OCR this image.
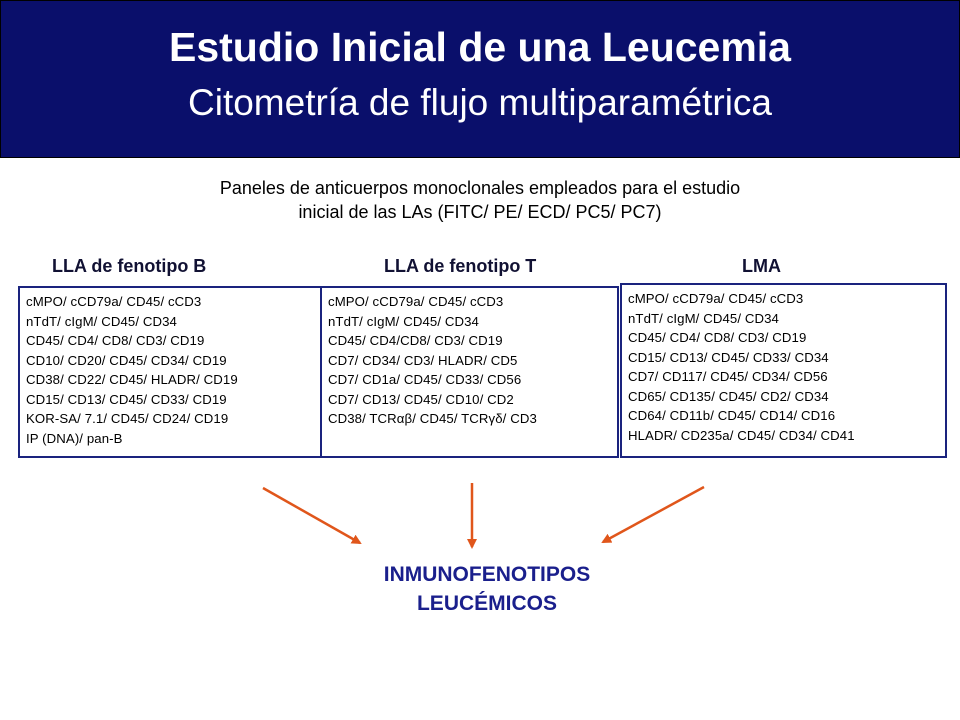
Estudio Inicial de una Leucemia
Citometría de flujo multiparamétrica
Paneles de anticuerpos monoclonales empleados para el estudio
inicial de las LAs (FITC/ PE/ ECD/ PC5/ PC7)
LLA de fenotipo B
cMPO/ cCD79a/ CD45/ cCD3
nTdT/ cIgM/ CD45/ CD34
CD45/ CD4/ CD8/ CD3/ CD19
CD10/ CD20/ CD45/ CD34/ CD19
CD38/ CD22/ CD45/ HLADR/ CD19
CD15/ CD13/ CD45/ CD33/ CD19
KOR-SA/ 7.1/ CD45/ CD24/ CD19
IP (DNA)/ pan-B
LLA de fenotipo T
cMPO/ cCD79a/ CD45/ cCD3
nTdT/ cIgM/ CD45/ CD34
CD45/ CD4/CD8/ CD3/ CD19
CD7/ CD34/ CD3/ HLADR/ CD5
CD7/ CD1a/ CD45/ CD33/ CD56
CD7/ CD13/ CD45/ CD10/ CD2
CD38/ TCRαβ/ CD45/ TCRγδ/ CD3
LMA
cMPO/ cCD79a/ CD45/ cCD3
nTdT/ cIgM/ CD45/ CD34
CD45/ CD4/ CD8/ CD3/ CD19
CD15/ CD13/ CD45/ CD33/ CD34
CD7/ CD117/ CD45/ CD34/ CD56
CD65/ CD135/ CD45/ CD2/ CD34
CD64/ CD11b/ CD45/ CD14/ CD16
HLADR/ CD235a/ CD45/ CD34/ CD41
INMUNOFENOTIPOS
LEUCÉMICOS
